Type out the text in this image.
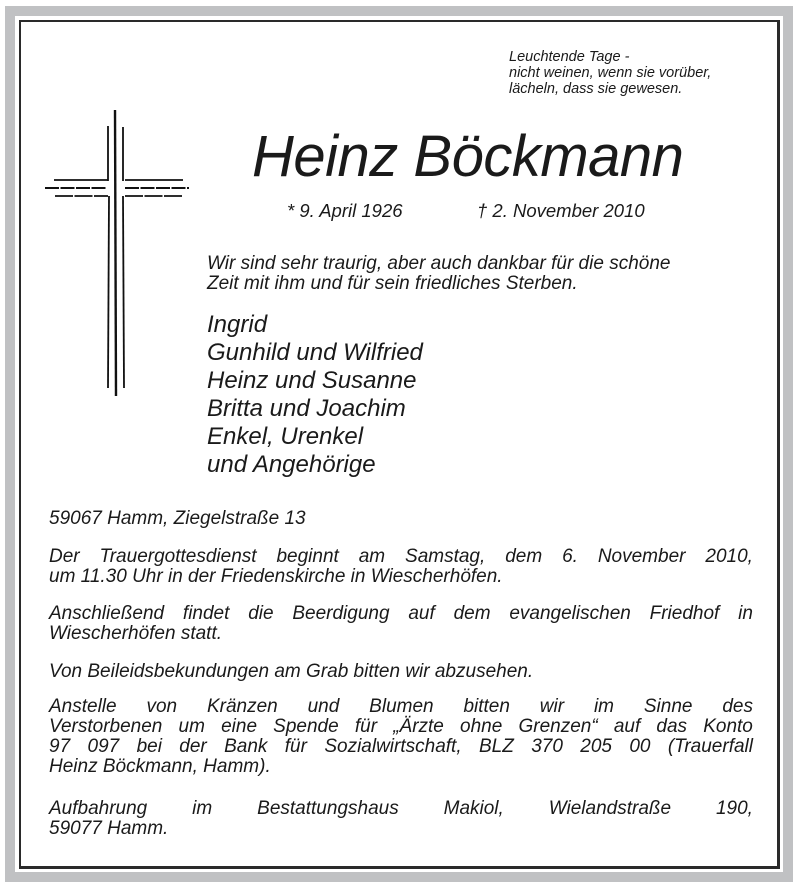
Leuchtende Tage -
nicht weinen, wenn sie vorüber,
lächeln, dass sie gewesen.
Heinz Böckmann
* 9. April 1926	† 2. November 2010
Wir sind sehr traurig, aber auch dankbar für die schöne
Zeit mit ihm und für sein friedliches Sterben.
Ingrid
Gunhild und Wilfried
Heinz und Susanne
Britta und Joachim
Enkel, Urenkel
und Angehörige
59067 Hamm, Ziegelstraße 13
Der Trauergottesdienst beginnt am Samstag, dem 6. November 2010,
um 11.30 Uhr in der Friedenskirche in Wiescherhöfen.
Anschließend findet die Beerdigung auf dem evangelischen Friedhof in
Wiescherhöfen statt.
Von Beileidsbekundungen am Grab bitten wir abzusehen.
Anstelle von Kränzen und Blumen bitten wir im Sinne des
Verstorbenen um eine Spende für „Ärzte ohne Grenzen“ auf das Konto
97 097 bei der Bank für Sozialwirtschaft, BLZ 370 205 00 (Trauerfall
Heinz Böckmann, Hamm).
Aufbahrung im Bestattungshaus Makiol, Wielandstraße 190,
59077 Hamm.
